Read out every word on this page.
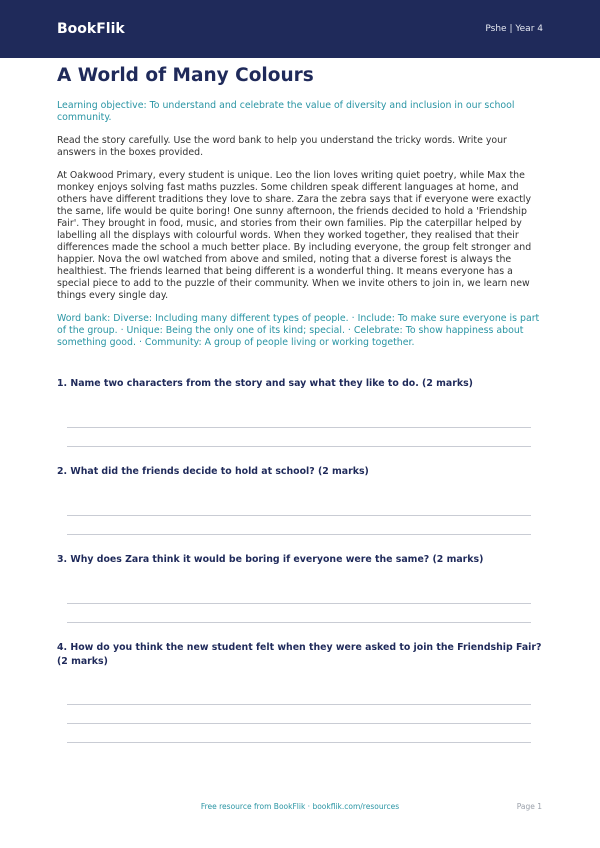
BookFlik	Pshe | Year 4
A World of Many Colours

Learning objective: To understand and celebrate the value of diversity and inclusion in our school community.

Read the story carefully. Use the word bank to help you understand the tricky words. Write your answers in the boxes provided.

At Oakwood Primary, every student is unique. Leo the lion loves writing quiet poetry, while Max the monkey enjoys solving fast maths puzzles. Some children speak different languages at home, and others have different traditions they love to share. Zara the zebra says that if everyone were exactly the same, life would be quite boring! One sunny afternoon, the friends decided to hold a 'Friendship Fair'. They brought in food, music, and stories from their own families. Pip the caterpillar helped by labelling all the displays with colourful words. When they worked together, they realised that their differences made the school a much better place. By including everyone, the group felt stronger and happier. Nova the owl watched from above and smiled, noting that a diverse forest is always the healthiest. The friends learned that being different is a wonderful thing. It means everyone has a special piece to add to the puzzle of their community. When we invite others to join in, we learn new things every single day.

Word bank: Diverse: Including many different types of people. · Include: To make sure everyone is part of the group. · Unique: Being the only one of its kind; special. · Celebrate: To show happiness about something good. · Community: A group of people living or working together.

1. Name two characters from the story and say what they like to do. (2 marks)
2. What did the friends decide to hold at school? (2 marks)
3. Why does Zara think it would be boring if everyone were the same? (2 marks)
4. How do you think the new student felt when they were asked to join the Friendship Fair? (2 marks)
Free resource from BookFlik · bookflik.com/resources	Page 1
